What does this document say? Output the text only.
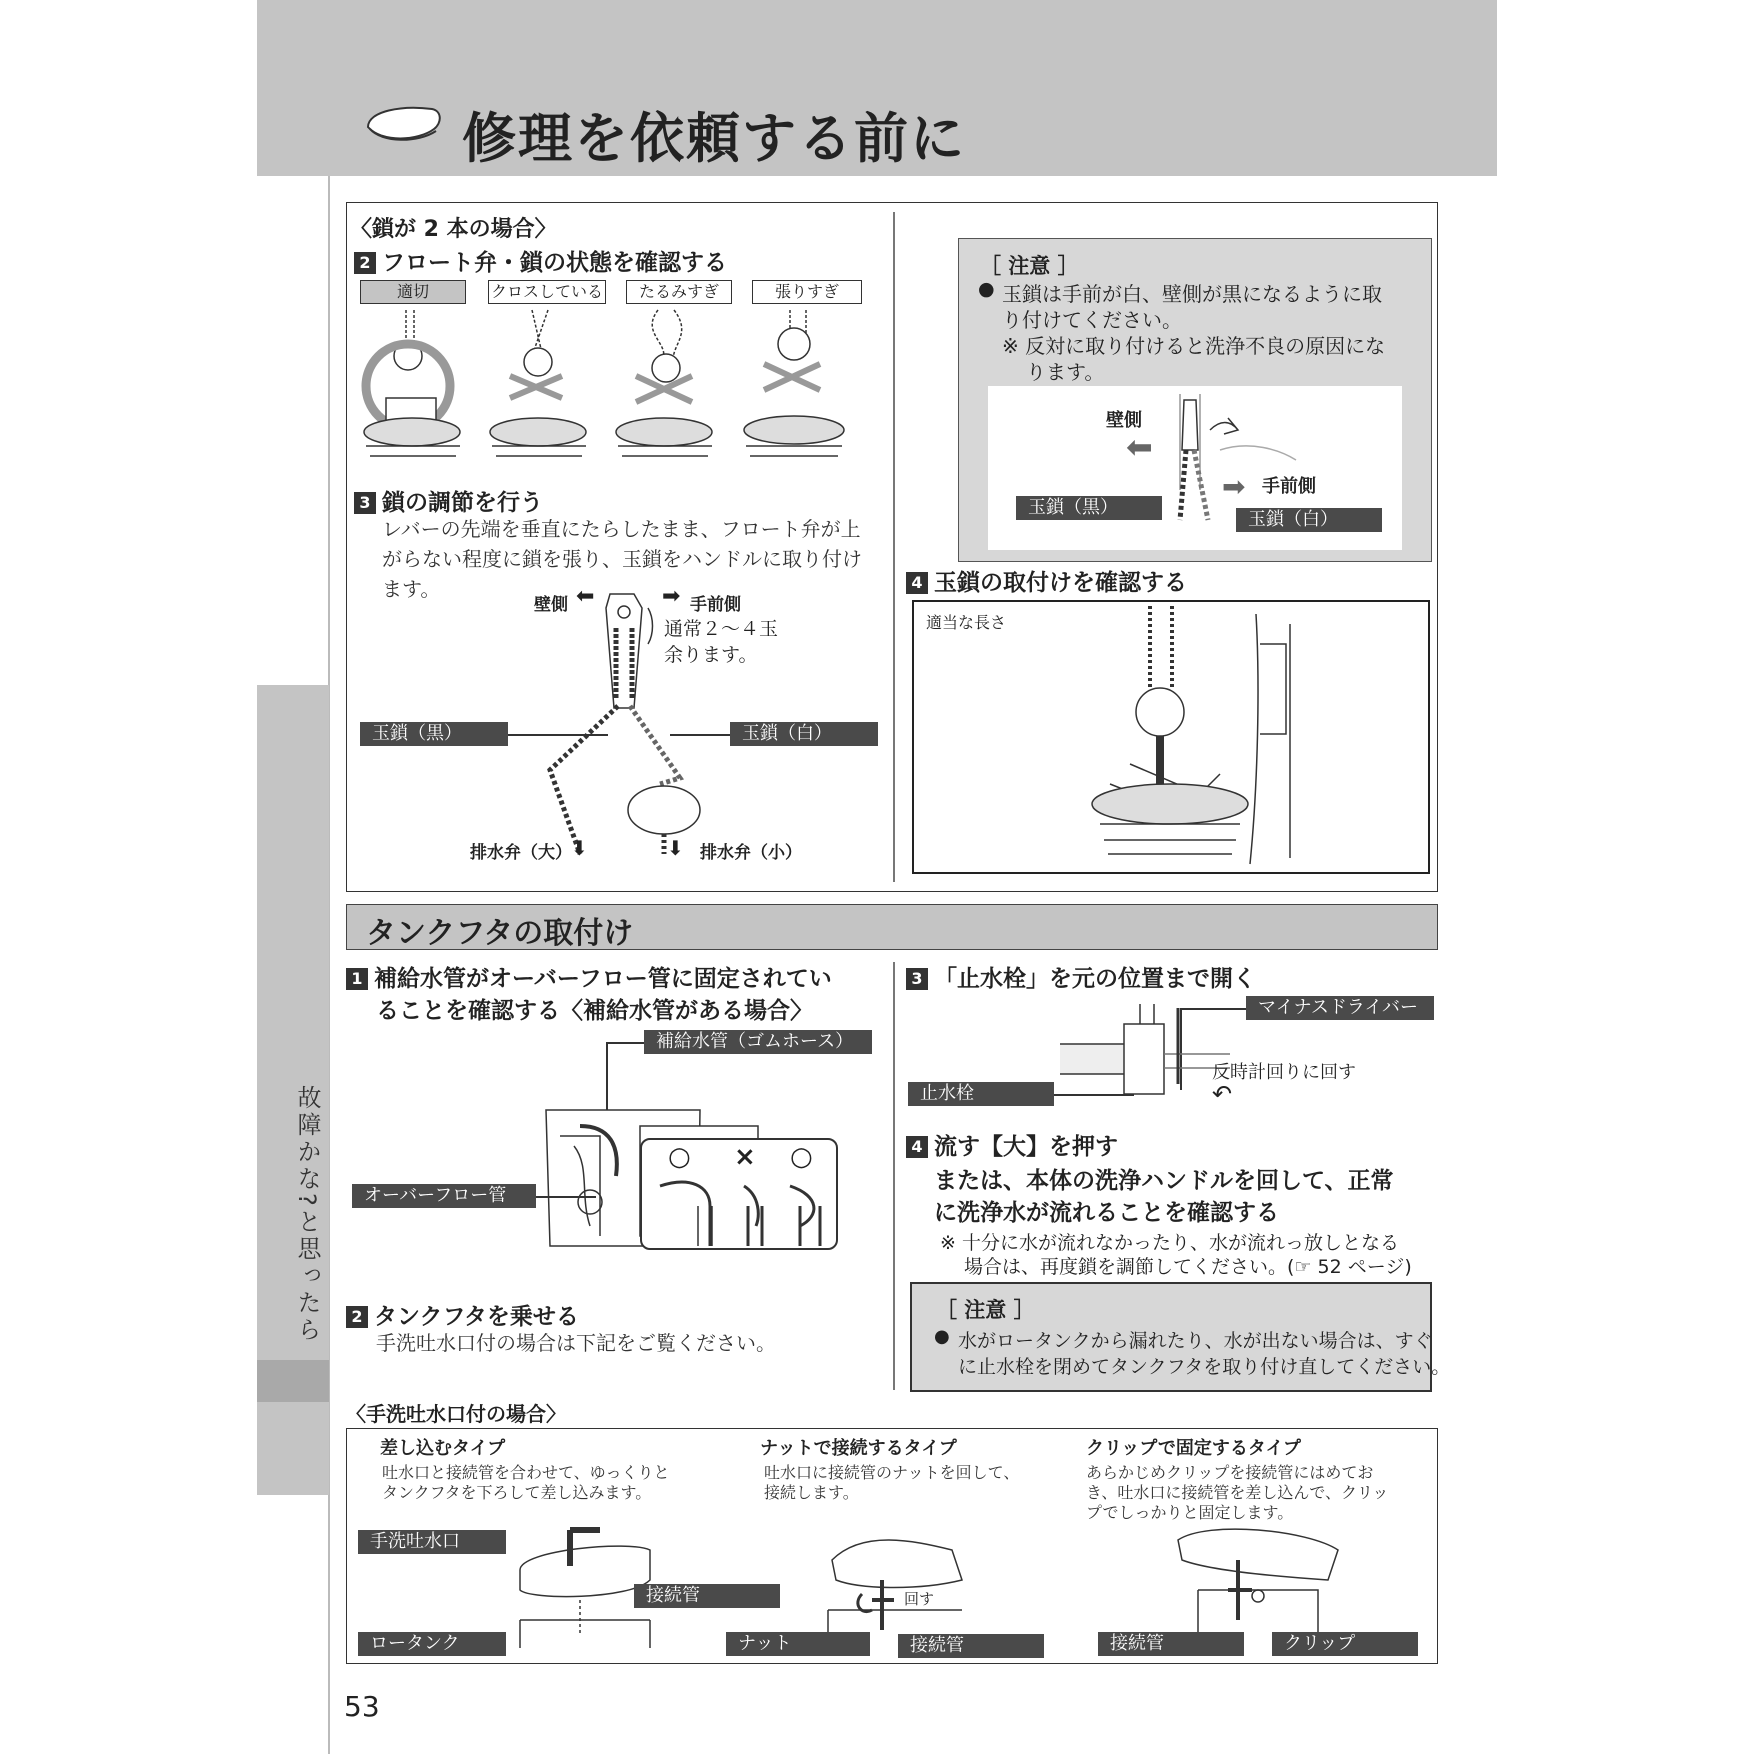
修理を依頼する前に
故障かな?と思ったら
〈鎖が 2 本の場合〉
2 フロート弁・鎖の状態を確認する
適切	クロスしている	たるみすぎ	張りすぎ
3 鎖の調節を行う
レバーの先端を垂直にたらしたまま、フロート弁が上がらない程度に鎖を張り、玉鎖をハンドルに取り付けます。
壁側 ⬅	➡ 手前側
通常２～４玉
余ります。
玉鎖（黒）	玉鎖（白）
排水弁（大） ⬇	⬇ 排水弁（小）
［ 注意 ］
● 玉鎖は手前が白、壁側が黒になるように取
り付けてください。
※ 反対に取り付けると洗浄不良の原因にな
ります。
壁側
⬅
➡ 手前側
玉鎖（黒）
玉鎖（白）
4 玉鎖の取付けを確認する
適当な長さ
タンクフタの取付け
1 補給水管がオーバーフロー管に固定されてい
ることを確認する〈補給水管がある場合〉
補給水管（ゴムホース）
○ × ○
オーバーフロー管
2 タンクフタを乗せる
手洗吐水口付の場合は下記をご覧ください。
3 「止水栓」を元の位置まで開く
マイナスドライバー
止水栓
反時計回りに回す
↶
4 流す【大】を押す
または、本体の洗浄ハンドルを回して、正常
に洗浄水が流れることを確認する
※ 十分に水が流れなかったり、水が流れっ放しとなる
場合は、再度鎖を調節してください。(☞ 52 ページ)
［ 注意 ］
● 水がロータンクから漏れたり、水が出ない場合は、すぐ
に止水栓を閉めてタンクフタを取り付け直してください。
〈手洗吐水口付の場合〉
差し込むタイプ
吐水口と接続管を合わせて、ゆっくりと
タンクフタを下ろして差し込みます。
ナットで接続するタイプ
吐水口に接続管のナットを回して、
接続します。
クリップで固定するタイプ
あらかじめクリップを接続管にはめてお
き、吐水口に接続管を差し込んで、クリッ
プでしっかりと固定します。
手洗吐水口
接続管
ロータンク
回す
ナット	接続管	接続管	クリップ
53
